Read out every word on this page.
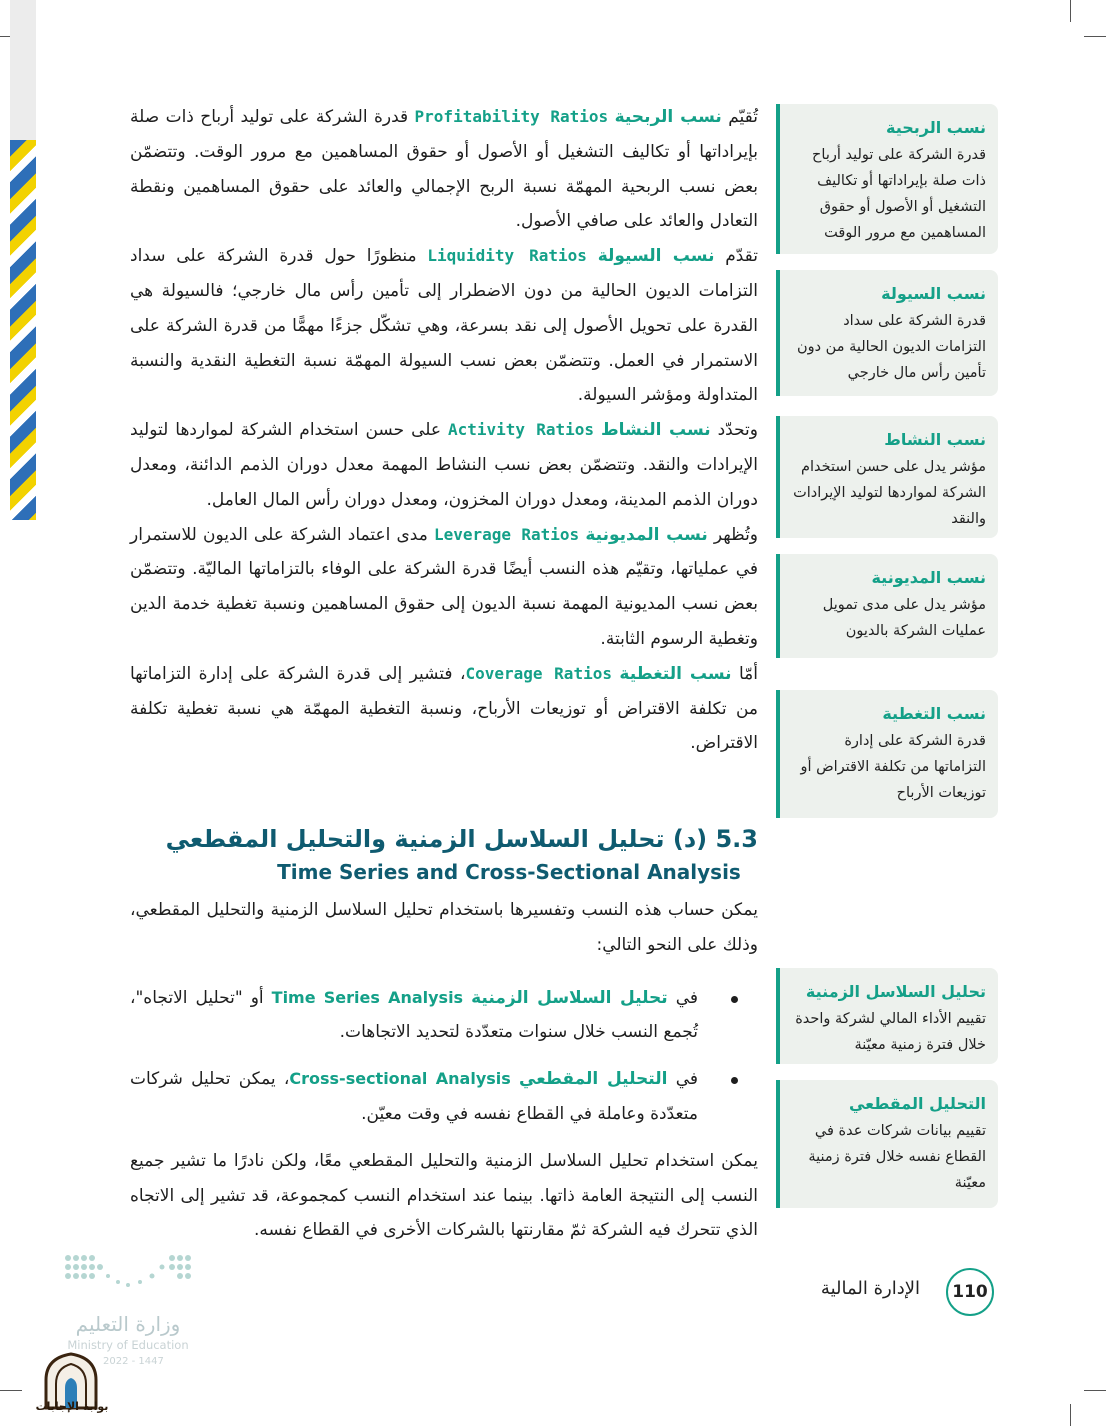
تُقيّم نسب الربحية Profitability Ratios قدرة الشركة على توليد أرباح ذات صلة بإيراداتها أو تكاليف التشغيل أو الأصول أو حقوق المساهمين مع مرور الوقت. وتتضمّن بعض نسب الربحية المهمّة نسبة الربح الإجمالي والعائد على حقوق المساهمين ونقطة التعادل والعائد على صافي الأصول.

تقدّم نسب السيولة Liquidity Ratios منظورًا حول قدرة الشركة على سداد التزامات الديون الحالية من دون الاضطرار إلى تأمين رأس مال خارجي؛ فالسيولة هي القدرة على تحويل الأصول إلى نقد بسرعة، وهي تشكّل جزءًا مهمًّا من قدرة الشركة على الاستمرار في العمل. وتتضمّن بعض نسب السيولة المهمّة نسبة التغطية النقدية والنسبة المتداولة ومؤشر السيولة.

وتحدّد نسب النشاط Activity Ratios على حسن استخدام الشركة لمواردها لتوليد الإيرادات والنقد. وتتضمّن بعض نسب النشاط المهمة معدل دوران الذمم الدائنة، ومعدل دوران الذمم المدينة، ومعدل دوران المخزون، ومعدل دوران رأس المال العامل.

وتُظهر نسب المديونية Leverage Ratios مدى اعتماد الشركة على الديون للاستمرار في عملياتها، وتقيّم هذه النسب أيضًا قدرة الشركة على الوفاء بالتزاماتها الماليّة. وتتضمّن بعض نسب المديونية المهمة نسبة الديون إلى حقوق المساهمين ونسبة تغطية خدمة الدين وتغطية الرسوم الثابتة.

أمّا نسب التغطية Coverage Ratios، فتشير إلى قدرة الشركة على إدارة التزاماتها من تكلفة الاقتراض أو توزيعات الأرباح، ونسبة التغطية المهمّة هي نسبة تغطية تكلفة الاقتراض.

5.3 (د) تحليل السلاسل الزمنية والتحليل المقطعي
Time Series and Cross-Sectional Analysis

يمكن حساب هذه النسب وتفسيرها باستخدام تحليل السلاسل الزمنية والتحليل المقطعي، وذلك على النحو التالي:

في تحليل السلاسل الزمنية Time Series Analysis أو "تحليل الاتجاه"، تُجمع النسب خلال سنوات متعدّدة لتحديد الاتجاهات.
في التحليل المقطعي Cross-sectional Analysis، يمكن تحليل شركات متعدّدة وعاملة في القطاع نفسه في وقت معيّن.

يمكن استخدام تحليل السلاسل الزمنية والتحليل المقطعي معًا، ولكن نادرًا ما تشير جميع النسب إلى النتيجة العامة ذاتها. بينما عند استخدام النسب كمجموعة، قد تشير إلى الاتجاه الذي تتحرك فيه الشركة ثمّ مقارنتها بالشركات الأخرى في القطاع نفسه.

نسب الربحية
قدرة الشركة على توليد أرباح ذات صلة بإيراداتها أو تكاليف التشغيل أو الأصول أو حقوق المساهمين مع مرور الوقت
نسب السيولة
قدرة الشركة على سداد التزامات الديون الحالية من دون تأمين رأس مال خارجي
نسب النشاط
مؤشر يدل على حسن استخدام الشركة لمواردها لتوليد الإيرادات والنقد
نسب المديونية
مؤشر يدل على مدى تمويل عمليات الشركة بالديون
نسب التغطية
قدرة الشركة على إدارة التزاماتها من تكلفة الاقتراض أو توزيعات الأرباح
تحليل السلاسل الزمنية
تقييم الأداء المالي لشركة واحدة خلال فترة زمنية معيّنة
التحليل المقطعي
تقييم بيانات شركات عدة في القطاع نفسه خلال فترة زمنية معيّنة
الإدارة المالية	110
وزارة التعليم
Ministry of Education
2022 - 1447
بوابة الإجابات
